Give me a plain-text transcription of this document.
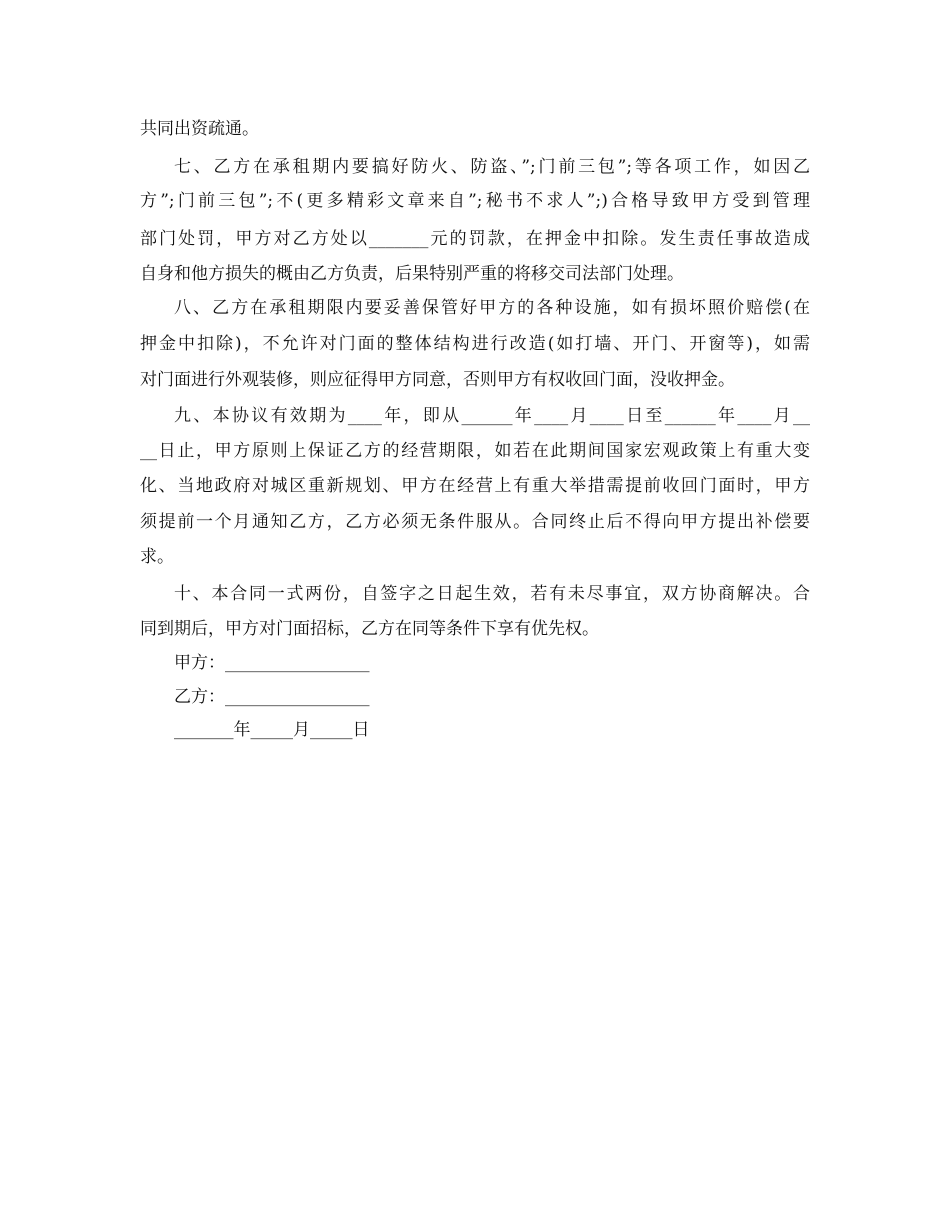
共同出资疏通。
七、乙方在承租期内要搞好防火、防盗、”;门前三包”;等各项工作，如因乙
方”;门前三包”;不(更多精彩文章来自”;秘书不求人”;)合格导致甲方受到管理
部门处罚，甲方对乙方处以_______元的罚款，在押金中扣除。发生责任事故造成
自身和他方损失的概由乙方负责，后果特别严重的将移交司法部门处理。
八、乙方在承租期限内要妥善保管好甲方的各种设施，如有损坏照价赔偿(在
押金中扣除)，不允许对门面的整体结构进行改造(如打墙、开门、开窗等)，如需
对门面进行外观装修，则应征得甲方同意，否则甲方有权收回门面，没收押金。
九、本协议有效期为____年，即从______年____月____日至______年____月__
__日止，甲方原则上保证乙方的经营期限，如若在此期间国家宏观政策上有重大变
化、当地政府对城区重新规划、甲方在经营上有重大举措需提前收回门面时，甲方
须提前一个月通知乙方，乙方必须无条件服从。合同终止后不得向甲方提出补偿要
求。
十、本合同一式两份，自签字之日起生效，若有未尽事宜，双方协商解决。合
同到期后，甲方对门面招标，乙方在同等条件下享有优先权。
甲方：_________________
乙方：_________________
_______年_____月_____日
